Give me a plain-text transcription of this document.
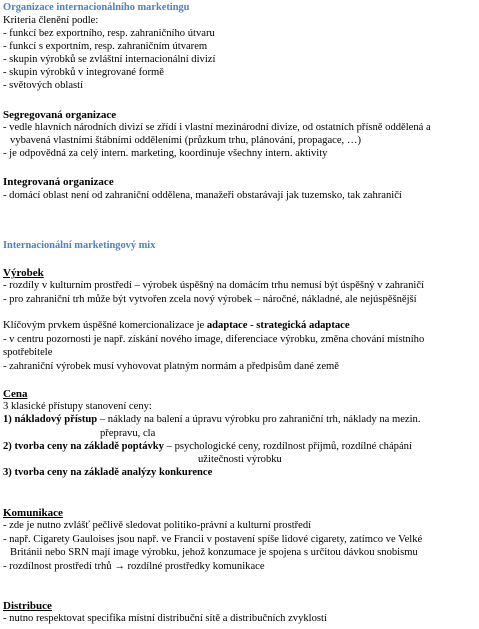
Organizace internacionálního marketingu
Kriteria členění podle:
- funkcí bez exportního, resp. zahraničního útvaru
- funkcí s exportním, resp. zahraničním útvarem
- skupin výrobků se zvláštní internacionální divizí
- skupin výrobků v integrované formě
- světových oblastí
Segregovaná organizace
- vedle hlavních národních divizí se zřídí i vlastní mezinárodní divize, od ostatních přísně oddělená a
vybavená vlastními štábními odděleními (průzkum trhu, plánování, propagace, …)
- je odpovědná za celý intern. marketing, koordinuje všechny intern. aktivity
Integrovaná organizace
- domácí oblast není od zahraniční oddělena, manažeři obstarávají jak tuzemsko, tak zahraničí
Internacionální marketingový mix
Výrobek
- rozdíly v kulturním prostředí – výrobek úspěšný na domácím trhu nemusí být úspěšný v zahraničí
- pro zahraniční trh může být vytvořen zcela nový výrobek – náročné, nákladné, ale nejúspěšnější
Klíčovým prvkem úspěšné komercionalizace je adaptace - strategická adaptace
- v centru pozornosti je např. získání nového image, diferenciace výrobku, změna chování místního
spotřebitele
- zahraniční výrobek musí vyhovovat platným normám a předpisům dané země
Cena
3 klasické přístupy stanovení ceny:
1) nákladový přístup – náklady na balení a úpravu výrobku pro zahraniční trh, náklady na mezin.
přepravu, cla
2) tvorba ceny na základě poptávky – psychologické ceny, rozdílnost příjmů, rozdílné chápání
užitečnosti výrobku
3) tvorba ceny na základě analýzy konkurence
Komunikace
- zde je nutno zvlášť pečlivě sledovat politiko-právní a kulturní prostředí
- např. Cigarety Gauloises jsou např. ve Francii v postavení spíše lidové cigarety, zatímco ve Velké
Británii nebo SRN mají image výrobku, jehož konzumace je spojena s určitou dávkou snobismu
- rozdílnost prostředí trhů → rozdílné prostředky komunikace
Distribuce
- nutno respektovat specifika místní distribuční sítě a distribučních zvyklostí
